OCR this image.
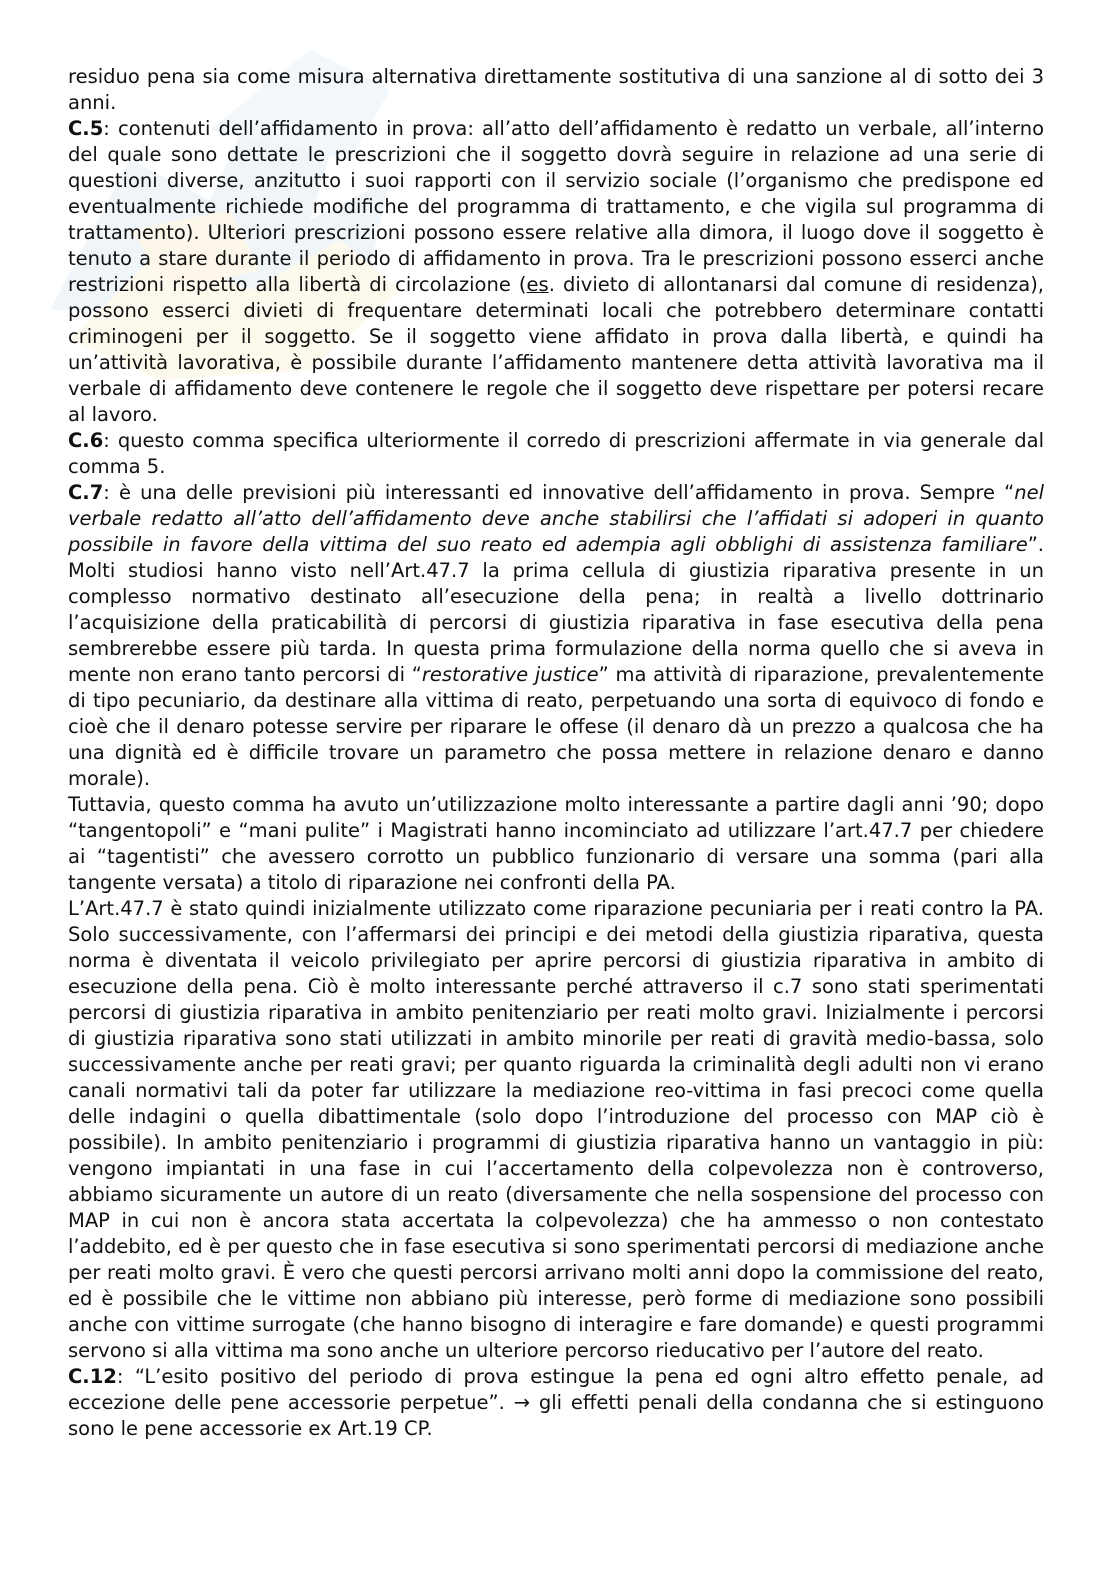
residuo pena sia come misura alternativa direttamente sostitutiva di una sanzione al di sotto dei 3 anni.

C.5: contenuti dell’affidamento in prova: all’atto dell’affidamento è redatto un verbale, all’interno del quale sono dettate le prescrizioni che il soggetto dovrà seguire in relazione ad una serie di questioni diverse, anzitutto i suoi rapporti con il servizio sociale (l’organismo che predispone ed eventualmente richiede modifiche del programma di trattamento, e che vigila sul programma di trattamento). Ulteriori prescrizioni possono essere relative alla dimora, il luogo dove il soggetto è tenuto a stare durante il periodo di affidamento in prova. Tra le prescrizioni possono esserci anche restrizioni rispetto alla libertà di circolazione (es. divieto di allontanarsi dal comune di residenza), possono esserci divieti di frequentare determinati locali che potrebbero determinare contatti criminogeni per il soggetto. Se il soggetto viene affidato in prova dalla libertà, e quindi ha un’attività lavorativa, è possibile durante l’affidamento mantenere detta attività lavorativa ma il verbale di affidamento deve contenere le regole che il soggetto deve rispettare per potersi recare al lavoro.

C.6: questo comma specifica ulteriormente il corredo di prescrizioni affermate in via generale dal comma 5.

C.7: è una delle previsioni più interessanti ed innovative dell’affidamento in prova. Sempre “nel verbale redatto all’atto dell’affidamento deve anche stabilirsi che l’affidati si adoperi in quanto possibile in favore della vittima del suo reato ed adempia agli obblighi di assistenza familiare”. Molti studiosi hanno visto nell’Art.47.7 la prima cellula di giustizia riparativa presente in un complesso normativo destinato all’esecuzione della pena; in realtà a livello dottrinario l’acquisizione della praticabilità di percorsi di giustizia riparativa in fase esecutiva della pena sembrerebbe essere più tarda. In questa prima formulazione della norma quello che si aveva in mente non erano tanto percorsi di “restorative justice” ma attività di riparazione, prevalentemente di tipo pecuniario, da destinare alla vittima di reato, perpetuando una sorta di equivoco di fondo e cioè che il denaro potesse servire per riparare le offese (il denaro dà un prezzo a qualcosa che ha una dignità ed è difficile trovare un parametro che possa mettere in relazione denaro e danno morale).

Tuttavia, questo comma ha avuto un’utilizzazione molto interessante a partire dagli anni ’90; dopo “tangentopoli” e “mani pulite” i Magistrati hanno incominciato ad utilizzare l’art.47.7 per chiedere ai “tagentisti” che avessero corrotto un pubblico funzionario di versare una somma (pari alla tangente versata) a titolo di riparazione nei confronti della PA.

L’Art.47.7 è stato quindi inizialmente utilizzato come riparazione pecuniaria per i reati contro la PA. Solo successivamente, con l’affermarsi dei principi e dei metodi della giustizia riparativa, questa norma è diventata il veicolo privilegiato per aprire percorsi di giustizia riparativa in ambito di esecuzione della pena. Ciò è molto interessante perché attraverso il c.7 sono stati sperimentati percorsi di giustizia riparativa in ambito penitenziario per reati molto gravi. Inizialmente i percorsi di giustizia riparativa sono stati utilizzati in ambito minorile per reati di gravità medio-bassa, solo successivamente anche per reati gravi; per quanto riguarda la criminalità degli adulti non vi erano canali normativi tali da poter far utilizzare la mediazione reo-vittima in fasi precoci come quella delle indagini o quella dibattimentale (solo dopo l’introduzione del processo con MAP ciò è possibile). In ambito penitenziario i programmi di giustizia riparativa hanno un vantaggio in più: vengono impiantati in una fase in cui l’accertamento della colpevolezza non è controverso, abbiamo sicuramente un autore di un reato (diversamente che nella sospensione del processo con MAP in cui non è ancora stata accertata la colpevolezza) che ha ammesso o non contestato l’addebito, ed è per questo che in fase esecutiva si sono sperimentati percorsi di mediazione anche per reati molto gravi. È vero che questi percorsi arrivano molti anni dopo la commissione del reato, ed è possibile che le vittime non abbiano più interesse, però forme di mediazione sono possibili anche con vittime surrogate (che hanno bisogno di interagire e fare domande) e questi programmi servono si alla vittima ma sono anche un ulteriore percorso rieducativo per l’autore del reato.

C.12: “L’esito positivo del periodo di prova estingue la pena ed ogni altro effetto penale, ad eccezione delle pene accessorie perpetue”. → gli effetti penali della condanna che si estinguono sono le pene accessorie ex Art.19 CP.
